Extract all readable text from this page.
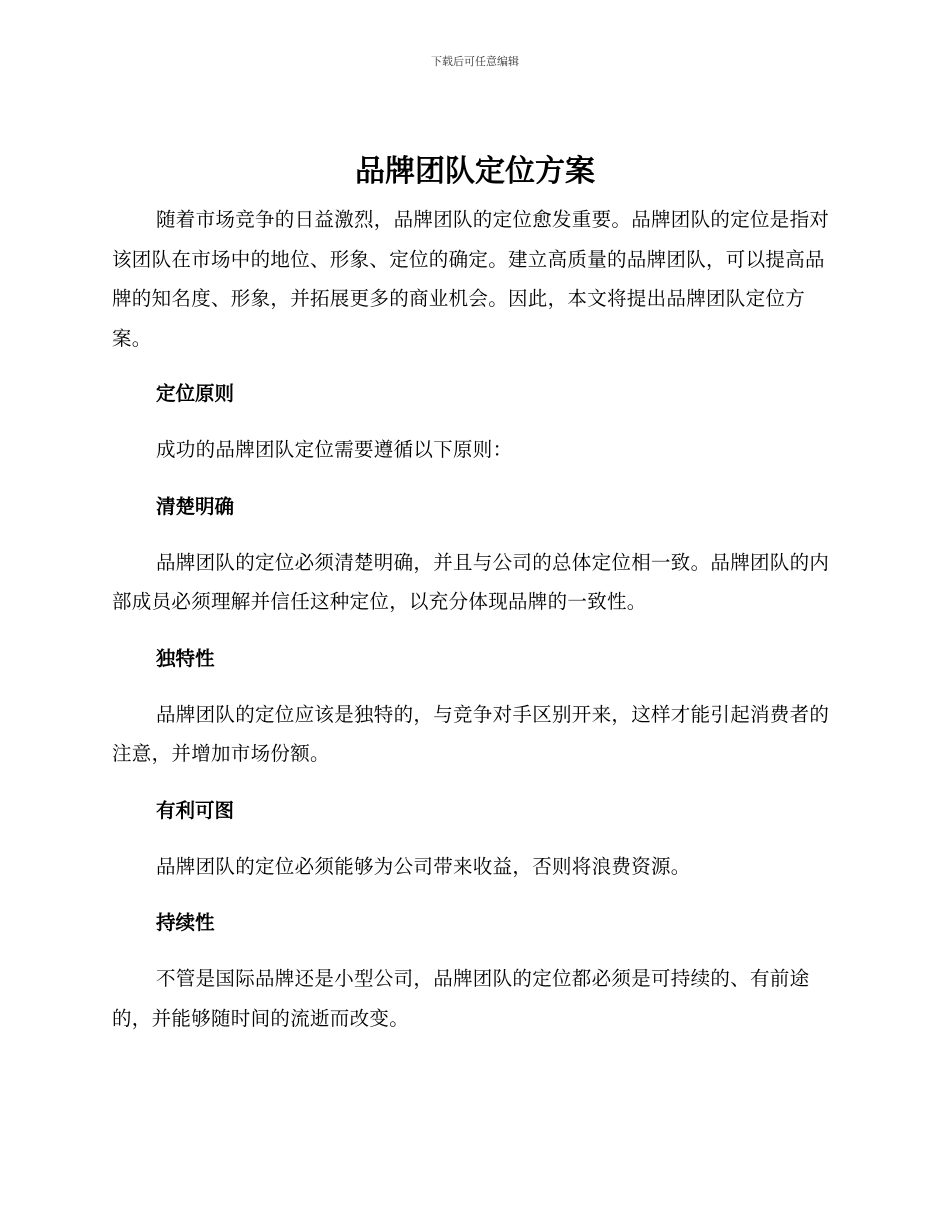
下载后可任意编辑
品牌团队定位方案

随着市场竞争的日益激烈，品牌团队的定位愈发重要。品牌团队的定位是指对该团队在市场中的地位、形象、定位的确定。建立高质量的品牌团队，可以提高品牌的知名度、形象，并拓展更多的商业机会。因此，本文将提出品牌团队定位方案。

定位原则

成功的品牌团队定位需要遵循以下原则：

清楚明确

品牌团队的定位必须清楚明确，并且与公司的总体定位相一致。品牌团队的内部成员必须理解并信任这种定位，以充分体现品牌的一致性。

独特性

品牌团队的定位应该是独特的，与竞争对手区别开来，这样才能引起消费者的注意，并增加市场份额。

有利可图

品牌团队的定位必须能够为公司带来收益，否则将浪费资源。

持续性

不管是国际品牌还是小型公司，品牌团队的定位都必须是可持续的、有前途的，并能够随时间的流逝而改变。
